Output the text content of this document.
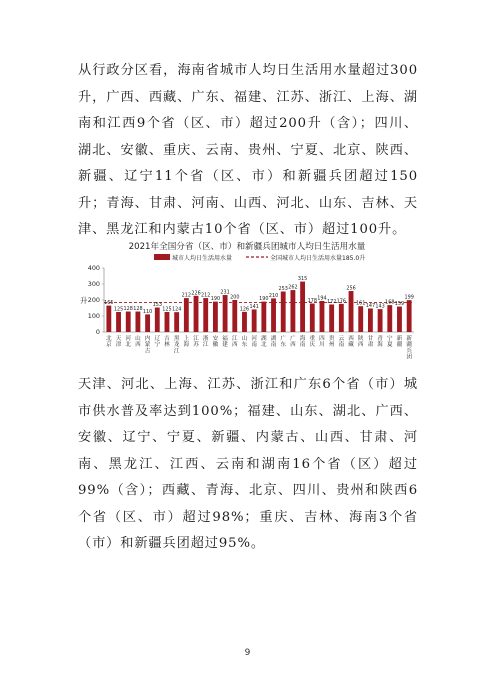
从行政分区看，海南省城市人均日生活用水量超过300升，广西、西藏、广东、福建、江苏、浙江、上海、湖南和江西9个省（区、市）超过200升（含）；四川、湖北、安徽、重庆、云南、贵州、宁夏、北京、陕西、新疆、辽宁11个省（区、市）和新疆兵团超过150升；青海、甘肃、河南、山西、河北、山东、吉林、天津、黑龙江和内蒙古10个省（区、市）超过100升。

2021年全国分省（区、市）和新疆兵团城市人均日生活用水量
城市人均日生活用水量	全国城市人均日生活用水量185.0升
0
100
200
300
400
升	165
北京
125
天津
128
河北
128
山西
110
内蒙古
153
辽宁
125
吉林
124
黑龙江
212
上海
226
江苏
212
浙江
190
安徽
231
福建
200
江西
126
山东
141
河南
190
湖北
210
湖南
253
广东
262
广西
315
海南
178
重庆
194
四川
172
贵州
176
云南
256
西藏
161
陕西
147
甘肃
143
青海
168
宁夏
159
新疆
199
新疆兵团

天津、河北、上海、江苏、浙江和广东6个省（市）城市供水普及率达到100%；福建、山东、湖北、广西、安徽、辽宁、宁夏、新疆、内蒙古、山西、甘肃、河南、黑龙江、江西、云南和湖南16个省（区）超过99%（含）；西藏、青海、北京、四川、贵州和陕西6个省（区、市）超过98%；重庆、吉林、海南3个省（市）和新疆兵团超过95%。

9
